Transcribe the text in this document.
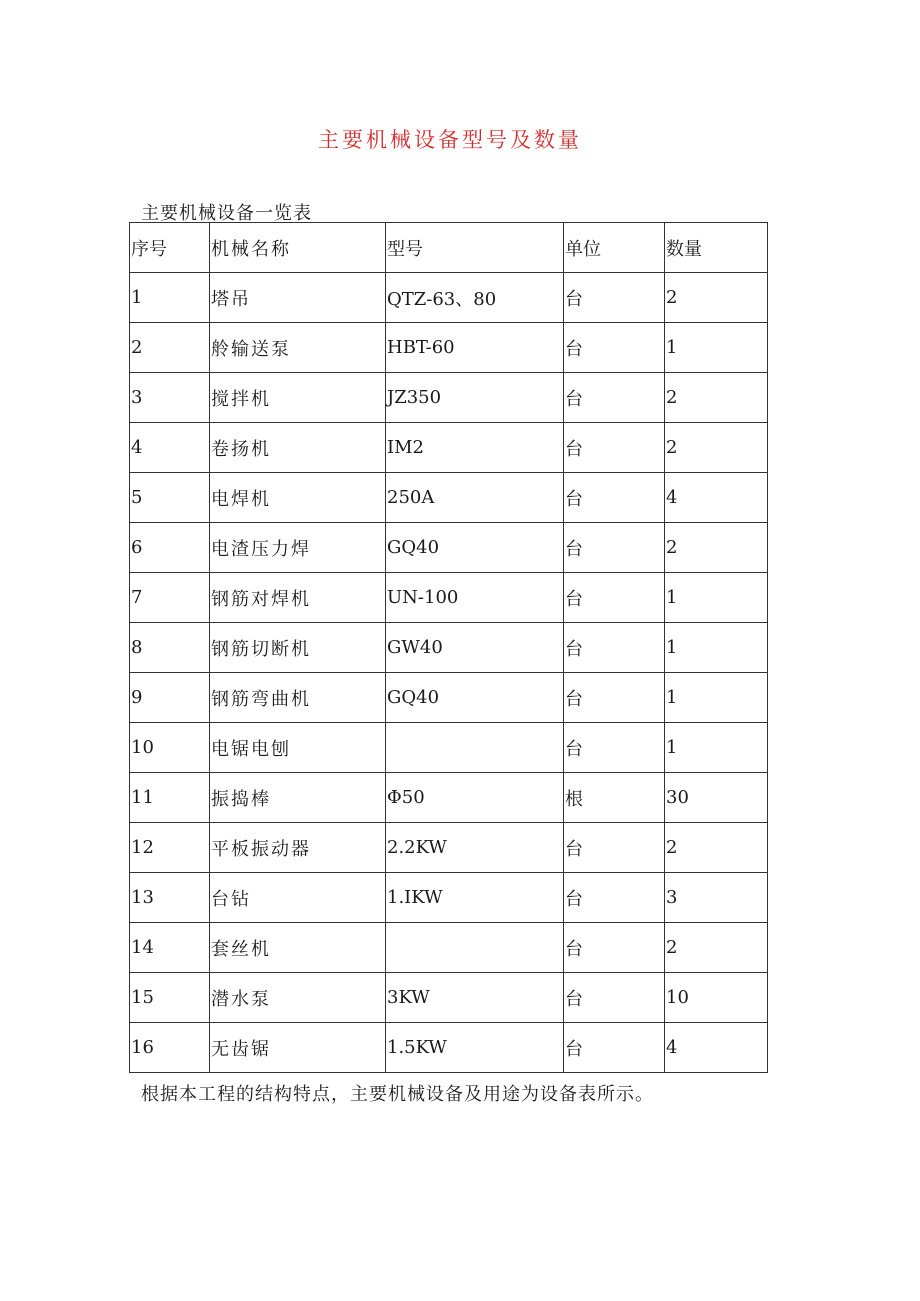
主要机械设备型号及数量
主要机械设备一览表
序号	机械名称	型号	单位	数量
1	塔吊	QTZ-63、80	台	2
2	舲输送泵	HBT-60	台	1
3	搅拌机	JZ350	台	2
4	卷扬机	IM2	台	2
5	电焊机	250A	台	4
6	电渣压力焊	GQ40	台	2
7	钢筋对焊机	UN-100	台	1
8	钢筋切断机	GW40	台	1
9	钢筋弯曲机	GQ40	台	1
10	电锯电刨		台	1
11	振捣棒	Φ50	根	30
12	平板振动器	2.2KW	台	2
13	台钻	1.IKW	台	3
14	套丝机		台	2
15	潜水泵	3KW	台	10
16	无齿锯	1.5KW	台	4
根据本工程的结构特点，主要机械设备及用途为设备表所示。
